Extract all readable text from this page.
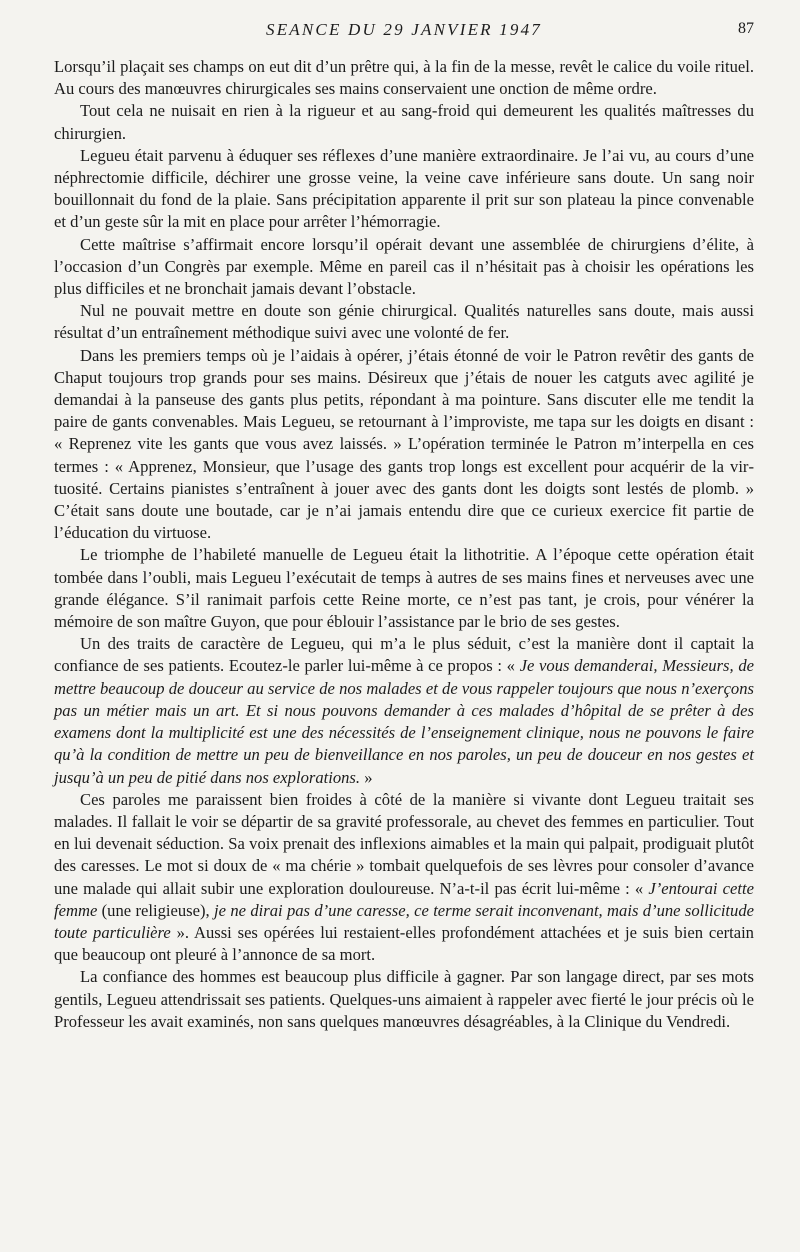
SEANCE DU 29 JANVIER 1947	87

Lorsqu’il plaçait ses champs on eut dit d’un prêtre qui, à la fin de la messe, revêt le calice du voile rituel. Au cours des manœuvres chirurgicales ses mains conservaient une onction de même ordre.

Tout cela ne nuisait en rien à la rigueur et au sang-froid qui demeurent les qualités maîtresses du chirurgien.

Legueu était parvenu à éduquer ses réflexes d’une manière extraordinaire. Je l’ai vu, au cours d’une néphrectomie difficile, déchirer une grosse veine, la veine cave inférieure sans doute. Un sang noir bouillonnait du fond de la plaie. Sans précipitation apparente il prit sur son plateau la pince convenable et d’un geste sûr la mit en place pour arrêter l’hémorragie.

Cette maîtrise s’affirmait encore lorsqu’il opérait devant une assemblée de chirurgiens d’élite, à l’occasion d’un Congrès par exemple. Même en pareil cas il n’hésitait pas à choisir les opérations les plus difficiles et ne bronchait jamais devant l’obstacle.

Nul ne pouvait mettre en doute son génie chirurgical. Qualités naturelles sans doute, mais aussi résultat d’un entraînement méthodique suivi avec une volonté de fer.

Dans les premiers temps où je l’aidais à opérer, j’étais étonné de voir le Patron revêtir des gants de Chaput toujours trop grands pour ses mains. Désireux que j’étais de nouer les catguts avec agilité je demandai à la panseuse des gants plus petits, répondant à ma pointure. Sans discuter elle me tendit la paire de gants convenables. Mais Legueu, se retournant à l’improviste, me tapa sur les doigts en disant : « Reprenez vite les gants que vous avez laissés. » L’opération terminée le Patron m’interpella en ces termes : « Apprenez, Monsieur, que l’usage des gants trop longs est excellent pour acquérir de la virtuosité. Certains pianistes s’entraînent à jouer avec des gants dont les doigts sont lestés de plomb. » C’était sans doute une boutade, car je n’ai jamais entendu dire que ce curieux exercice fit partie de l’éducation du virtuose.

Le triomphe de l’habileté manuelle de Legueu était la lithotritie. A l’époque cette opération était tombée dans l’oubli, mais Legueu l’exécutait de temps à autres de ses mains fines et nerveuses avec une grande élégance. S’il ranimait parfois cette Reine morte, ce n’est pas tant, je crois, pour vénérer la mémoire de son maître Guyon, que pour éblouir l’assistance par le brio de ses gestes.

Un des traits de caractère de Legueu, qui m’a le plus séduit, c’est la manière dont il captait la confiance de ses patients. Ecoutez-le parler lui-même à ce propos : « Je vous demanderai, Messieurs, de mettre beaucoup de douceur au service de nos malades et de vous rappeler toujours que nous n’exerçons pas un métier mais un art. Et si nous pouvons demander à ces malades d’hôpital de se prêter à des examens dont la multiplicité est une des nécessités de l’enseignement clinique, nous ne pouvons le faire qu’à la condition de mettre un peu de bienveillance en nos paroles, un peu de douceur en nos gestes et jusqu’à un peu de pitié dans nos explorations. »

Ces paroles me paraissent bien froides à côté de la manière si vivante dont Legueu traitait ses malades. Il fallait le voir se départir de sa gravité professorale, au chevet des femmes en particulier. Tout en lui devenait séduction. Sa voix prenait des inflexions aimables et la main qui palpait, prodiguait plutôt des caresses. Le mot si doux de « ma chérie » tombait quelquefois de ses lèvres pour consoler d’avance une malade qui allait subir une exploration douloureuse. N’a-t-il pas écrit lui-même : « J’entourai cette femme (une religieuse), je ne dirai pas d’une caresse, ce terme serait inconvenant, mais d’une sollicitude toute particulière ». Aussi ses opérées lui restaient-elles profondément attachées et je suis bien certain que beaucoup ont pleuré à l’annonce de sa mort.

La confiance des hommes est beaucoup plus difficile à gagner. Par son langage direct, par ses mots gentils, Legueu attendrissait ses patients. Quelques-uns aimaient à rappeler avec fierté le jour précis où le Professeur les avait examinés, non sans quelques manœuvres désagréables, à la Clinique du Vendredi.
